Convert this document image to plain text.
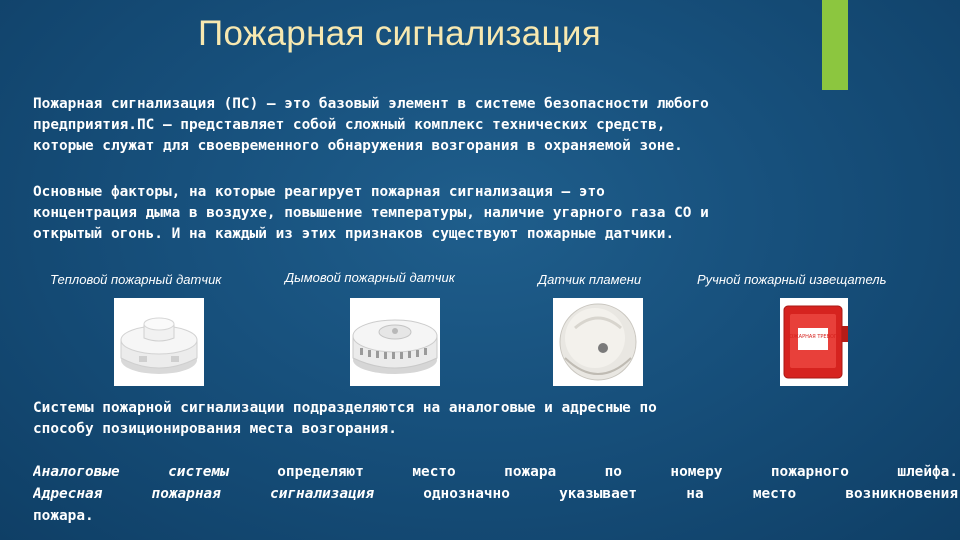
Пожарная сигнализация
Пожарная сигнализация (ПС) – это базовый элемент в системе безопасности любого
предприятия.ПС – представляет собой сложный комплекс технических средств,
которые служат для своевременного обнаружения возгорания в охраняемой зоне.
Основные факторы, на которые реагирует пожарная сигнализация – это
концентрация дыма в воздухе, повышение температуры, наличие угарного газа СО и
открытый огонь. И на каждый из этих признаков существуют пожарные датчики.
Тепловой пожарный датчик	Дымовой пожарный датчик	Датчик пламени	Ручной пожарный извещатель
ПОЖАРНАЯ ТРЕВОГА
Системы пожарной сигнализации подразделяются на аналоговые и адресные по
способу позиционирования места возгорания.
Аналоговые системы	определяют место пожара по номеру пожарного шлейфа.
Адресная пожарная сигнализация	однозначно указывает на место возникновения
пожара.
